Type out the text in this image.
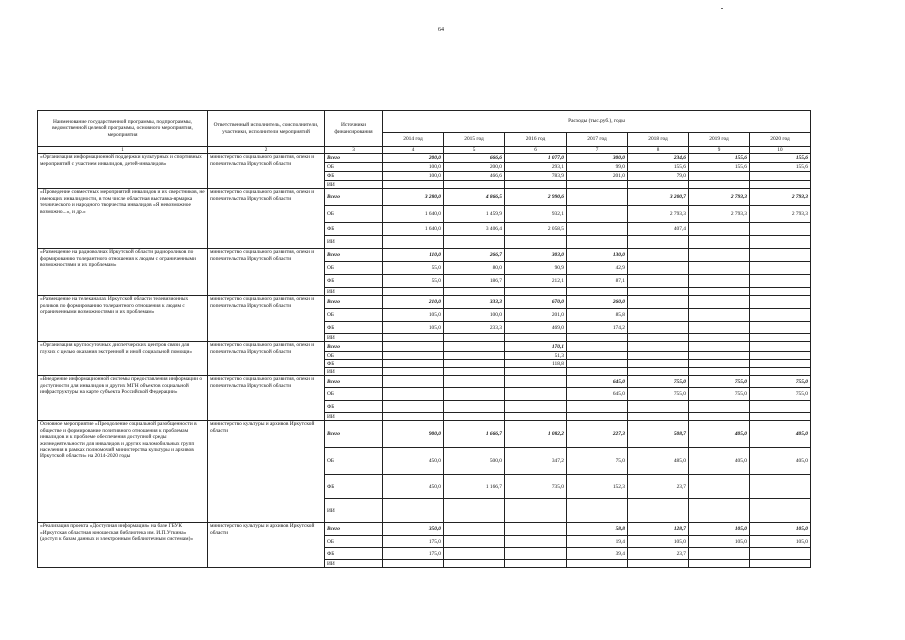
64
Наименование государственной программы, подпрограммы, ведомственной целевой программы, основного мероприятия, мероприятия	Ответственный исполнитель, соисполнители, участники, исполнители мероприятий	Источники финансирования	Расходы (тыс.руб.), годы						
			2014 год	2015 год	2016 год	2017 год	2018 год	2019 год	2020 год
1	2	3	4	5	6	7	8	9	10
«Организация информационной поддержки культурных и спортивных мероприятий с участием инвалидов, детей-инвалидов»	министерство социального развития, опеки и попечительства Иркутской области	Всего	200,0	666,6	1 077,0	300,0	234,6	155,6	155,6
		ОБ	100,0	200,0	293,1	99,0	155,6	155,6	155,6
		ФБ	100,0	466,6	783,9	201,0	79,0		
		ИИ							
«Проведение совместных мероприятий инвалидов и их сверстников, не имеющих инвалидности, в том числе областная выставка-ярмарка технического и народного творчества инвалидов «Я невозможное возможно...», и др.»	министерство социального развития, опеки и попечительства Иркутской области	Всего	3 280,0	4 866,5	2 990,6		3 200,7	2 793,3	2 793,3
		ОБ	1 640,0	1 459,9	932,1		2 793,3	2 793,3	2 793,3
		ФБ	1 640,0	3 406,4	2 058,5		407,4		
		ИИ							
«Размещение на радиоволнах Иркутской области радиороликов по формированию толерантного отношения к людям с ограниченными возможностями и их проблемам»	министерство социального развития, опеки и попечительства Иркутской области	Всего	110,0	266,7	303,0	130,0			
		ОБ	55,0	80,0	90,9	42,9			
		ФБ	55,0	186,7	212,1	87,1			
		ИИ							
«Размещение на телеканалах Иркутской области телевизионных роликов по формированию толерантного отношения к людям с ограниченными возможностями и их проблемам»	министерство социального развития, опеки и попечительства Иркутской области	Всего	210,0	333,3	670,0	260,0			
		ОБ	105,0	100,0	201,0	85,8			
		ФБ	105,0	233,3	469,0	174,2			
		ИИ							
«Организация круглосуточных диспетчерских центров связи для глухих с целью оказания экстренной и иной социальной помощи»	министерство социального развития, опеки и попечительства Иркутской области	Всего			170,1				
		ОБ			51,3				
		ФБ			118,8				
		ИИ							
«Внедрение информационной системы предоставления информации о доступности для инвалидов и других МГН объектов социальной инфраструктуры на карте субъекта Российской Федерации»	министерство социального развития, опеки и попечительства Иркутской области	Всего				645,0	755,0	755,0	755,0
		ОБ				645,0	755,0	755,0	755,0
		ФБ							
		ИИ							
Основное мероприятие «Преодоление социальной разобщенности в обществе и формирование позитивного отношения к проблемам инвалидов и к проблеме обеспечения доступной среды жизнедеятельности для инвалидов и других маломобильных групп населения в рамках полномочий министерства культуры и архивов Иркутской области» на 2014-2020 годы	министерство культуры и архивов Иркутской области	Всего	900,0	1 666,7	1 082,2	227,3	508,7	405,0	405,0
		ОБ	450,0	500,0	347,2	75,0	485,0	405,0	405,0
		ФБ	450,0	1 166,7	735,0	152,3	23,7		
		ИИ							
«Реализация проекта «Доступная информация» на базе ГБУК «Иркутская областная юношеская библиотека им. И.П.Уткина» (доступ к базам данных и электронным библиотечным системам)»	министерство культуры и архивов Иркутской области	Всего	350,0			58,8	128,7	105,0	105,0
		ОБ	175,0			19,4	105,0	105,0	105,0
		ФБ	175,0			39,4	23,7		
		ИИ							
